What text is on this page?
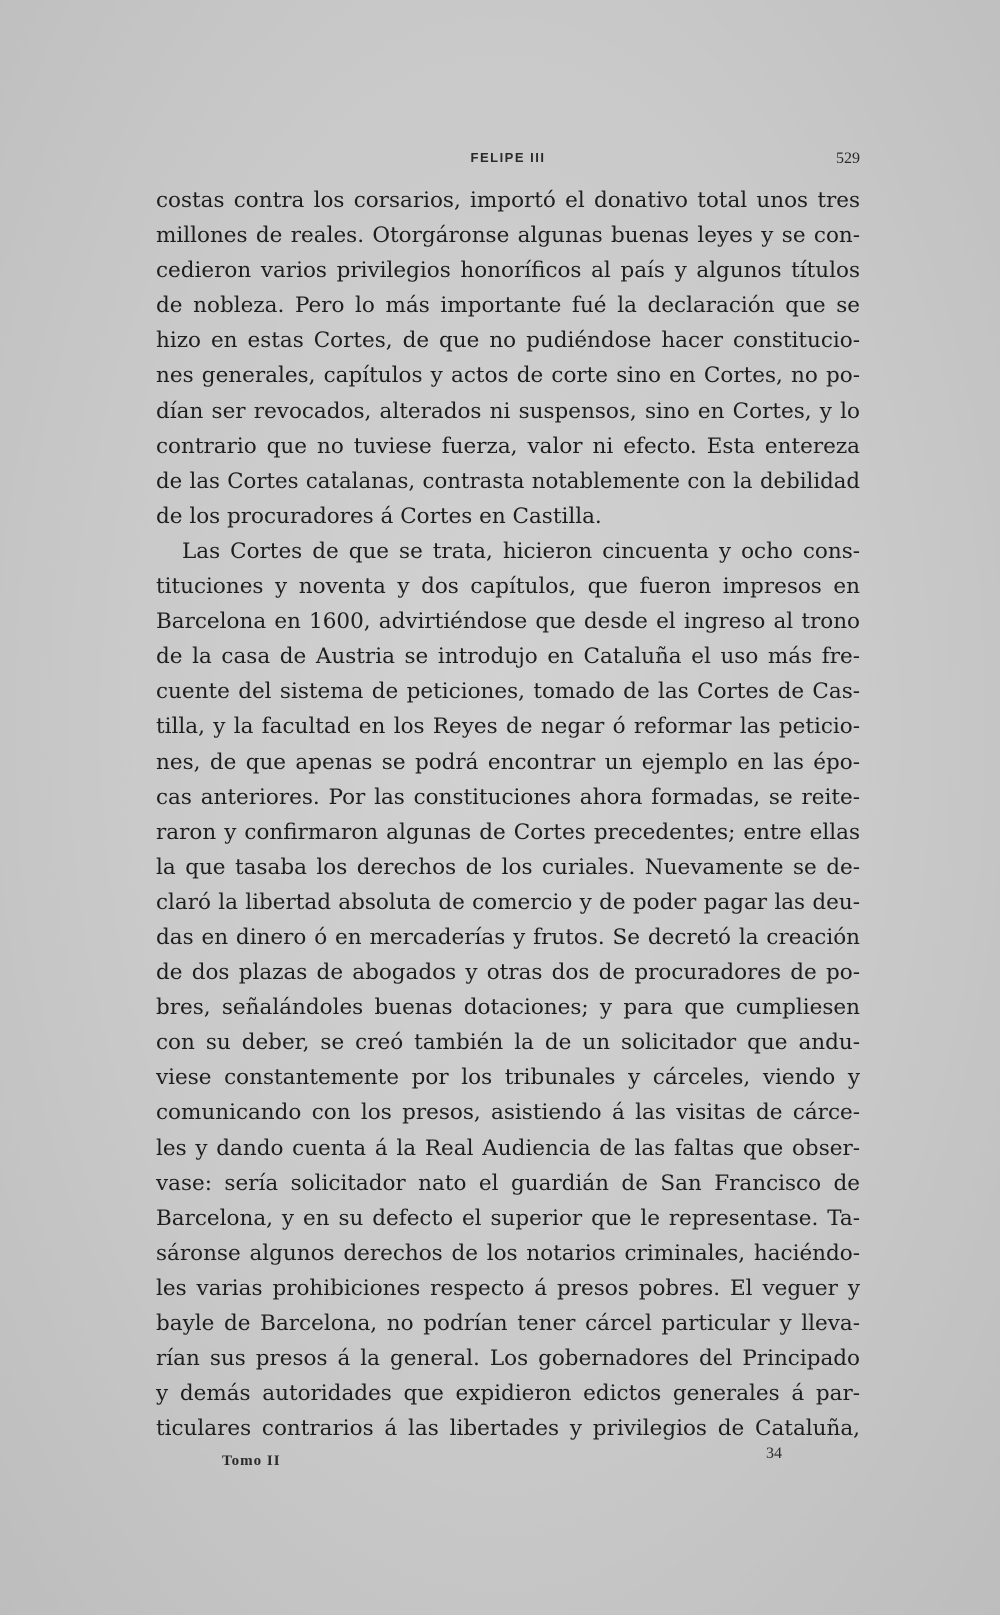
FELIPE III	529
costas contra los corsarios, importó el donativo total unos tres
millones de reales. Otorgáronse algunas buenas leyes y se con-
cedieron varios privilegios honoríficos al país y algunos títulos
de nobleza. Pero lo más importante fué la declaración que se
hizo en estas Cortes, de que no pudiéndose hacer constitucio-
nes generales, capítulos y actos de corte sino en Cortes, no po-
dían ser revocados, alterados ni suspensos, sino en Cortes, y lo
contrario que no tuviese fuerza, valor ni efecto. Esta entereza
de las Cortes catalanas, contrasta notablemente con la debilidad
de los procuradores á Cortes en Castilla.
Las Cortes de que se trata, hicieron cincuenta y ocho cons-
tituciones y noventa y dos capítulos, que fueron impresos en
Barcelona en 1600, advirtiéndose que desde el ingreso al trono
de la casa de Austria se introdujo en Cataluña el uso más fre-
cuente del sistema de peticiones, tomado de las Cortes de Cas-
tilla, y la facultad en los Reyes de negar ó reformar las peticio-
nes, de que apenas se podrá encontrar un ejemplo en las épo-
cas anteriores. Por las constituciones ahora formadas, se reite-
raron y confirmaron algunas de Cortes precedentes; entre ellas
la que tasaba los derechos de los curiales. Nuevamente se de-
claró la libertad absoluta de comercio y de poder pagar las deu-
das en dinero ó en mercaderías y frutos. Se decretó la creación
de dos plazas de abogados y otras dos de procuradores de po-
bres, señalándoles buenas dotaciones; y para que cumpliesen
con su deber, se creó también la de un solicitador que andu-
viese constantemente por los tribunales y cárceles, viendo y
comunicando con los presos, asistiendo á las visitas de cárce-
les y dando cuenta á la Real Audiencia de las faltas que obser-
vase: sería solicitador nato el guardián de San Francisco de
Barcelona, y en su defecto el superior que le representase. Ta-
sáronse algunos derechos de los notarios criminales, haciéndo-
les varias prohibiciones respecto á presos pobres. El veguer y
bayle de Barcelona, no podrían tener cárcel particular y lleva-
rían sus presos á la general. Los gobernadores del Principado
y demás autoridades que expidieron edictos generales á par-
ticulares contrarios á las libertades y privilegios de Cataluña,
Tomo II	34
